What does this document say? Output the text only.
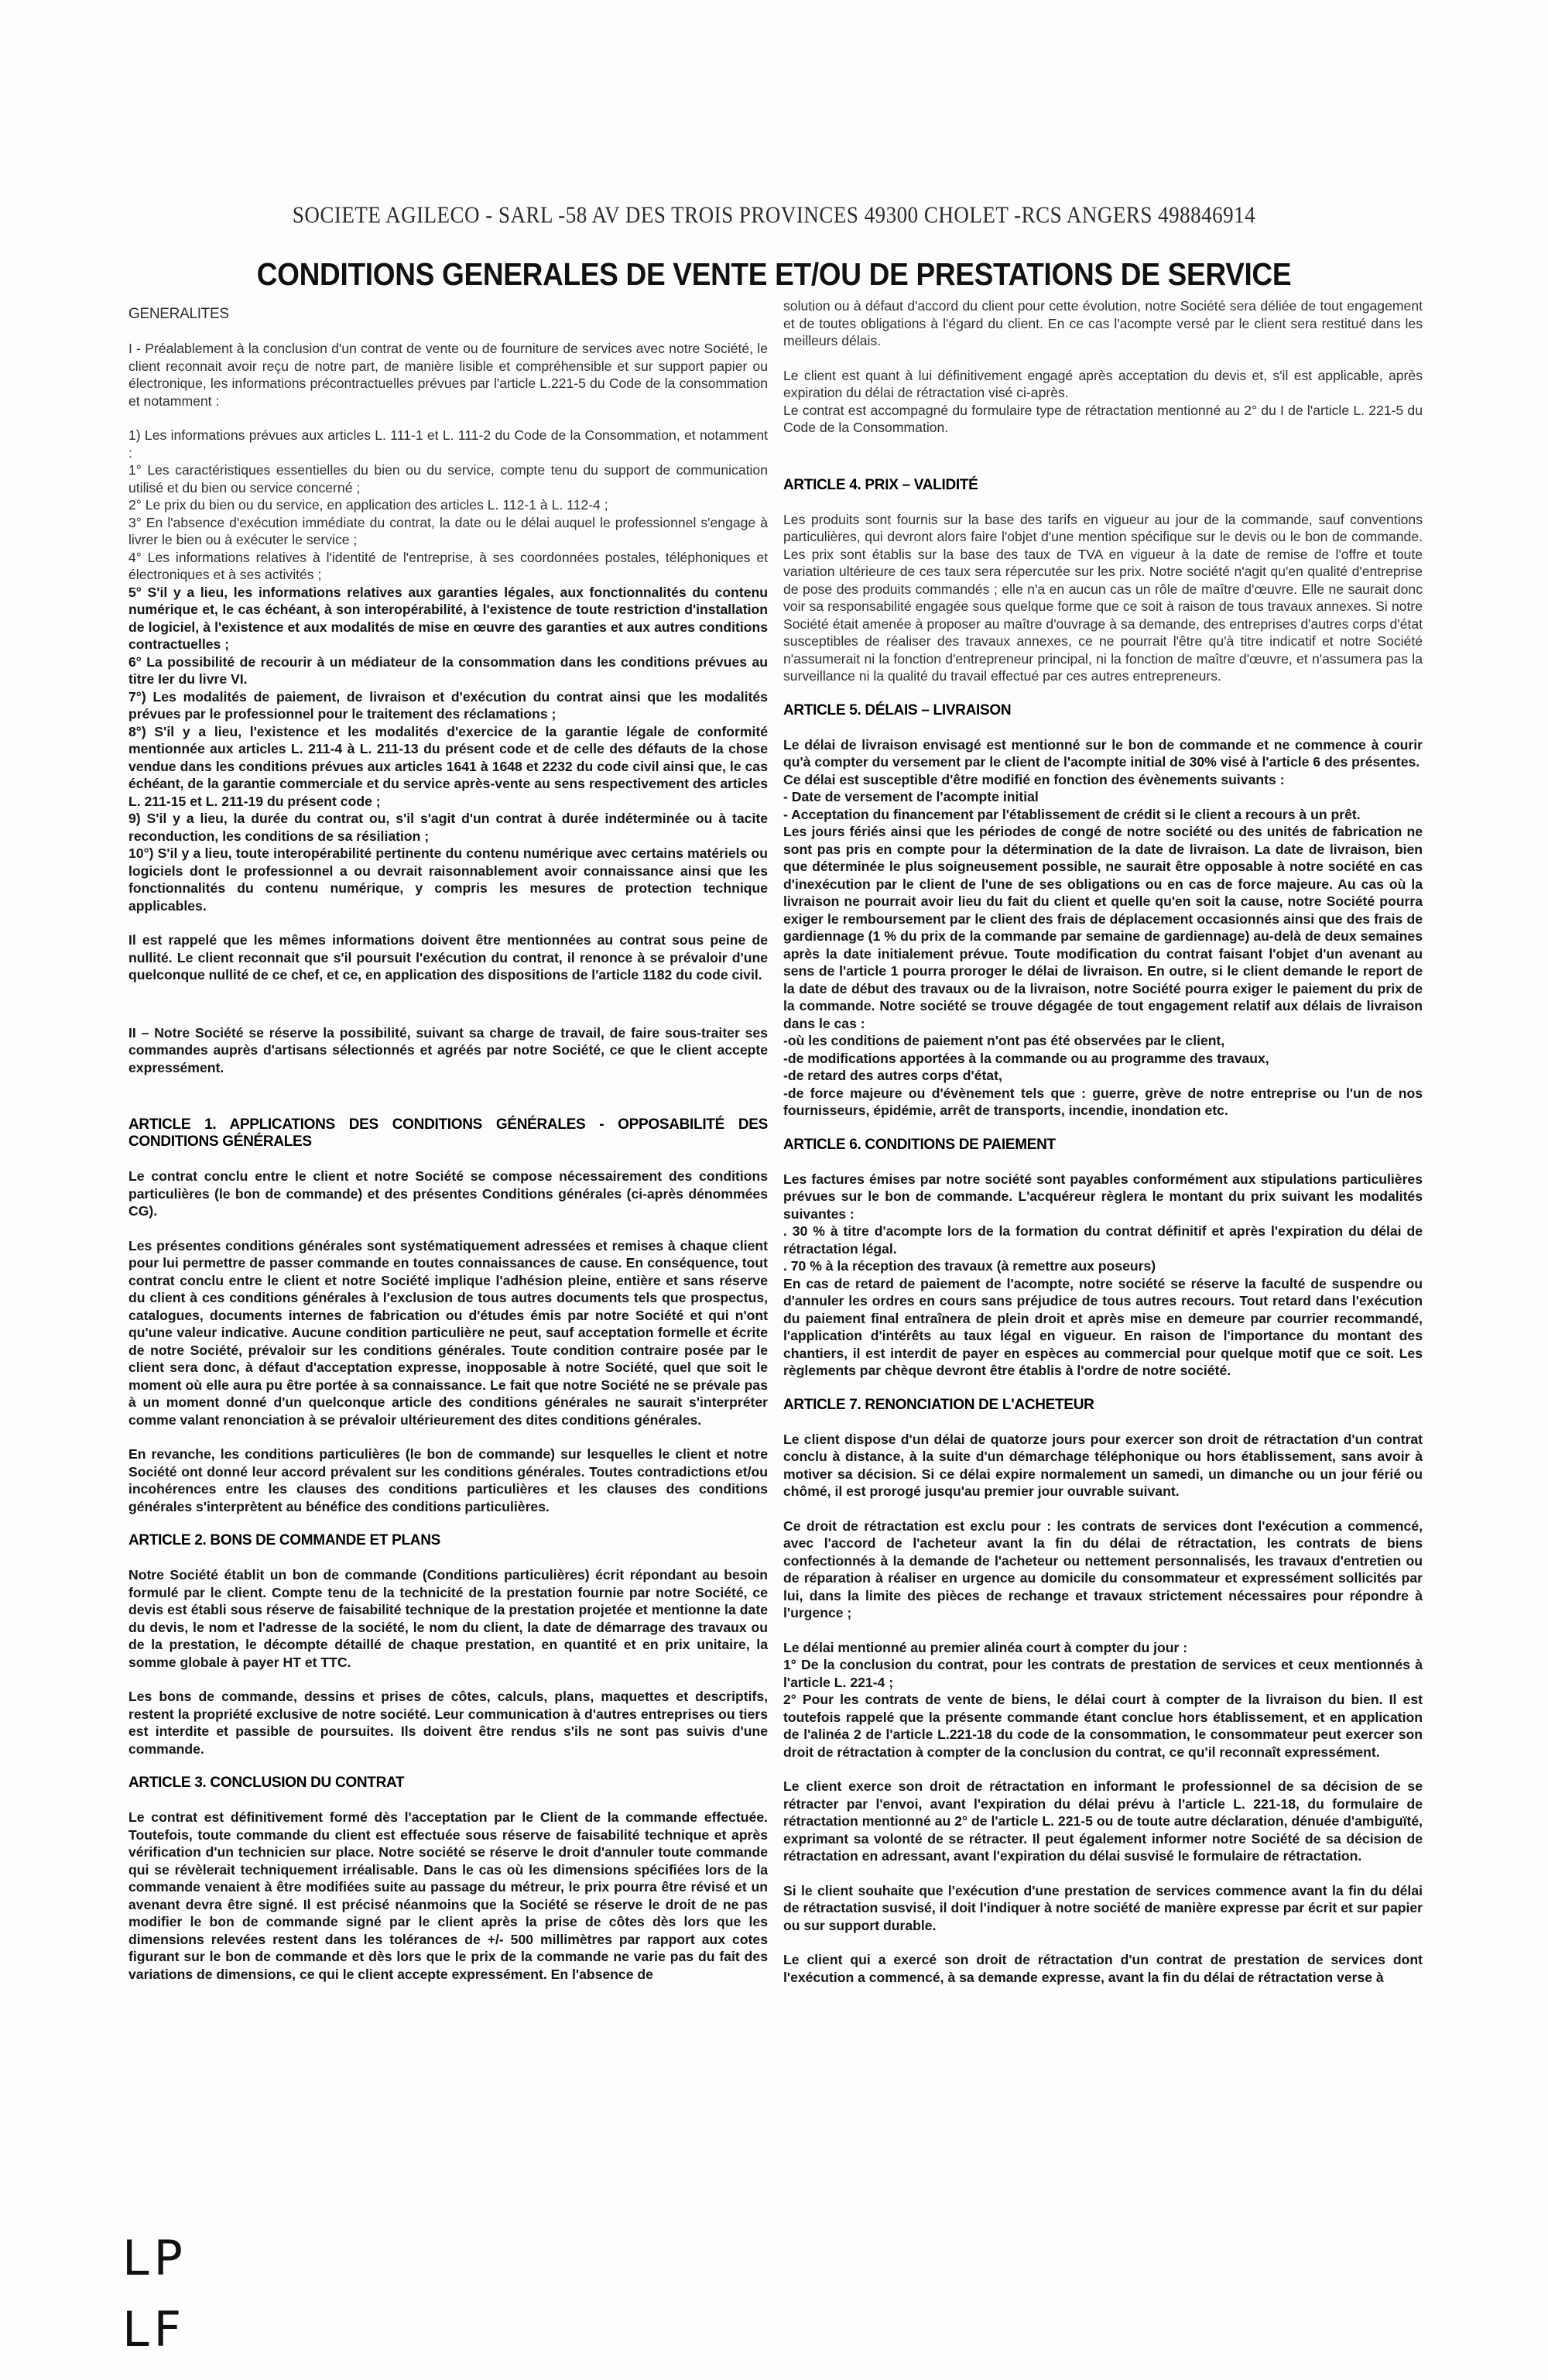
SOCIETE AGILECO - SARL -58 AV DES TROIS PROVINCES 49300 CHOLET -RCS ANGERS 498846914
CONDITIONS GENERALES DE VENTE ET/OU DE PRESTATIONS DE SERVICE

GENERALITES

I - Préalablement à la conclusion d'un contrat de vente ou de fourniture de services avec notre Société, le client reconnait avoir reçu de notre part, de manière lisible et compréhensible et sur support papier ou électronique, les informations précontractuelles prévues par l'article L.221-5 du Code de la consommation et notamment :

1) Les informations prévues aux articles L. 111-1 et L. 111-2 du Code de la Consommation, et notamment :

1° Les caractéristiques essentielles du bien ou du service, compte tenu du support de communication utilisé et du bien ou service concerné ;

2° Le prix du bien ou du service, en application des articles L. 112-1 à L. 112-4 ;

3° En l'absence d'exécution immédiate du contrat, la date ou le délai auquel le professionnel s'engage à livrer le bien ou à exécuter le service ;

4° Les informations relatives à l'identité de l'entreprise, à ses coordonnées postales, téléphoniques et électroniques et à ses activités ;

5° S'il y a lieu, les informations relatives aux garanties légales, aux fonctionnalités du contenu numérique et, le cas échéant, à son interopérabilité, à l'existence de toute restriction d'installation de logiciel, à l'existence et aux modalités de mise en œuvre des garanties et aux autres conditions contractuelles ;

6° La possibilité de recourir à un médiateur de la consommation dans les conditions prévues au titre Ier du livre VI.

7°) Les modalités de paiement, de livraison et d'exécution du contrat ainsi que les modalités prévues par le professionnel pour le traitement des réclamations ;

8°) S'il y a lieu, l'existence et les modalités d'exercice de la garantie légale de conformité mentionnée aux articles L. 211-4 à L. 211-13 du présent code et de celle des défauts de la chose vendue dans les conditions prévues aux articles 1641 à 1648 et 2232 du code civil ainsi que, le cas échéant, de la garantie commerciale et du service après-vente au sens respectivement des articles L. 211-15 et L. 211-19 du présent code ;

9) S'il y a lieu, la durée du contrat ou, s'il s'agit d'un contrat à durée indéterminée ou à tacite reconduction, les conditions de sa résiliation ;

10°) S'il y a lieu, toute interopérabilité pertinente du contenu numérique avec certains matériels ou logiciels dont le professionnel a ou devrait raisonnablement avoir connaissance ainsi que les fonctionnalités du contenu numérique, y compris les mesures de protection technique applicables.

Il est rappelé que les mêmes informations doivent être mentionnées au contrat sous peine de nullité. Le client reconnait que s'il poursuit l'exécution du contrat, il renonce à se prévaloir d'une quelconque nullité de ce chef, et ce, en application des dispositions de l'article 1182 du code civil.

II – Notre Société se réserve la possibilité, suivant sa charge de travail, de faire sous-traiter ses commandes auprès d'artisans sélectionnés et agréés par notre Société, ce que le client accepte expressément.

ARTICLE 1. APPLICATIONS DES CONDITIONS GÉNÉRALES - OPPOSABILITÉ DES CONDITIONS GÉNÉRALES

Le contrat conclu entre le client et notre Société se compose nécessairement des conditions particulières (le bon de commande) et des présentes Conditions générales (ci-après dénommées CG).

Les présentes conditions générales sont systématiquement adressées et remises à chaque client pour lui permettre de passer commande en toutes connaissances de cause. En conséquence, tout contrat conclu entre le client et notre Société implique l'adhésion pleine, entière et sans réserve du client à ces conditions générales à l'exclusion de tous autres documents tels que prospectus, catalogues, documents internes de fabrication ou d'études émis par notre Société et qui n'ont qu'une valeur indicative. Aucune condition particulière ne peut, sauf acceptation formelle et écrite de notre Société, prévaloir sur les conditions générales. Toute condition contraire posée par le client sera donc, à défaut d'acceptation expresse, inopposable à notre Société, quel que soit le moment où elle aura pu être portée à sa connaissance. Le fait que notre Société ne se prévale pas à un moment donné d'un quelconque article des conditions générales ne saurait s'interpréter comme valant renonciation à se prévaloir ultérieurement des dites conditions générales.

En revanche, les conditions particulières (le bon de commande) sur lesquelles le client et notre Société ont donné leur accord prévalent sur les conditions générales. Toutes contradictions et/ou incohérences entre les clauses des conditions particulières et les clauses des conditions générales s'interprètent au bénéfice des conditions particulières.

ARTICLE 2. BONS DE COMMANDE ET PLANS

Notre Société établit un bon de commande (Conditions particulières) écrit répondant au besoin formulé par le client. Compte tenu de la technicité de la prestation fournie par notre Société, ce devis est établi sous réserve de faisabilité technique de la prestation projetée et mentionne la date du devis, le nom et l'adresse de la société, le nom du client, la date de démarrage des travaux ou de la prestation, le décompte détaillé de chaque prestation, en quantité et en prix unitaire, la somme globale à payer HT et TTC.

Les bons de commande, dessins et prises de côtes, calculs, plans, maquettes et descriptifs, restent la propriété exclusive de notre société. Leur communication à d'autres entreprises ou tiers est interdite et passible de poursuites. Ils doivent être rendus s'ils ne sont pas suivis d'une commande.

ARTICLE 3. CONCLUSION DU CONTRAT

Le contrat est définitivement formé dès l'acceptation par le Client de la commande effectuée. Toutefois, toute commande du client est effectuée sous réserve de faisabilité technique et après vérification d'un technicien sur place. Notre société se réserve le droit d'annuler toute commande qui se révèlerait techniquement irréalisable. Dans le cas où les dimensions spécifiées lors de la commande venaient à être modifiées suite au passage du métreur, le prix pourra être révisé et un avenant devra être signé. Il est précisé néanmoins que la Société se réserve le droit de ne pas modifier le bon de commande signé par le client après la prise de côtes dès lors que les dimensions relevées restent dans les tolérances de +/- 500 millimètres par rapport aux cotes figurant sur le bon de commande et dès lors que le prix de la commande ne varie pas du fait des variations de dimensions, ce qui le client accepte expressément. En l'absence de

solution ou à défaut d'accord du client pour cette évolution, notre Société sera déliée de tout engagement et de toutes obligations à l'égard du client. En ce cas l'acompte versé par le client sera restitué dans les meilleurs délais.

Le client est quant à lui définitivement engagé après acceptation du devis et, s'il est applicable, après expiration du délai de rétractation visé ci-après.

Le contrat est accompagné du formulaire type de rétractation mentionné au 2° du I de l'article L. 221-5 du Code de la Consommation.

ARTICLE 4. PRIX – VALIDITÉ

Les produits sont fournis sur la base des tarifs en vigueur au jour de la commande, sauf conventions particulières, qui devront alors faire l'objet d'une mention spécifique sur le devis ou le bon de commande. Les prix sont établis sur la base des taux de TVA en vigueur à la date de remise de l'offre et toute variation ultérieure de ces taux sera répercutée sur les prix. Notre société n'agit qu'en qualité d'entreprise de pose des produits commandés ; elle n'a en aucun cas un rôle de maître d'œuvre. Elle ne saurait donc voir sa responsabilité engagée sous quelque forme que ce soit à raison de tous travaux annexes. Si notre Société était amenée à proposer au maître d'ouvrage à sa demande, des entreprises d'autres corps d'état susceptibles de réaliser des travaux annexes, ce ne pourrait l'être qu'à titre indicatif et notre Société n'assumerait ni la fonction d'entrepreneur principal, ni la fonction de maître d'œuvre, et n'assumera pas la surveillance ni la qualité du travail effectué par ces autres entrepreneurs.

ARTICLE 5. DÉLAIS – LIVRAISON

Le délai de livraison envisagé est mentionné sur le bon de commande et ne commence à courir qu'à compter du versement par le client de l'acompte initial de 30% visé à l'article 6 des présentes.

Ce délai est susceptible d'être modifié en fonction des évènements suivants :

- Date de versement de l'acompte initial

- Acceptation du financement par l'établissement de crédit si le client a recours à un prêt.

Les jours fériés ainsi que les périodes de congé de notre société ou des unités de fabrication ne sont pas pris en compte pour la détermination de la date de livraison. La date de livraison, bien que déterminée le plus soigneusement possible, ne saurait être opposable à notre société en cas d'inexécution par le client de l'une de ses obligations ou en cas de force majeure. Au cas où la livraison ne pourrait avoir lieu du fait du client et quelle qu'en soit la cause, notre Société pourra exiger le remboursement par le client des frais de déplacement occasionnés ainsi que des frais de gardiennage (1 % du prix de la commande par semaine de gardiennage) au-delà de deux semaines après la date initialement prévue. Toute modification du contrat faisant l'objet d'un avenant au sens de l'article 1 pourra proroger le délai de livraison. En outre, si le client demande le report de la date de début des travaux ou de la livraison, notre Société pourra exiger le paiement du prix de la commande. Notre société se trouve dégagée de tout engagement relatif aux délais de livraison dans le cas :

-où les conditions de paiement n'ont pas été observées par le client,

-de modifications apportées à la commande ou au programme des travaux,

-de retard des autres corps d'état,

-de force majeure ou d'évènement tels que : guerre, grève de notre entreprise ou l'un de nos fournisseurs, épidémie, arrêt de transports, incendie, inondation etc.

ARTICLE 6. CONDITIONS DE PAIEMENT

Les factures émises par notre société sont payables conformément aux stipulations particulières prévues sur le bon de commande. L'acquéreur règlera le montant du prix suivant les modalités suivantes :

. 30 % à titre d'acompte lors de la formation du contrat définitif et après l'expiration du délai de rétractation légal.

. 70 % à la réception des travaux (à remettre aux poseurs)

En cas de retard de paiement de l'acompte, notre société se réserve la faculté de suspendre ou d'annuler les ordres en cours sans préjudice de tous autres recours. Tout retard dans l'exécution du paiement final entraînera de plein droit et après mise en demeure par courrier recommandé, l'application d'intérêts au taux légal en vigueur. En raison de l'importance du montant des chantiers, il est interdit de payer en espèces au commercial pour quelque motif que ce soit. Les règlements par chèque devront être établis à l'ordre de notre société.

ARTICLE 7. RENONCIATION DE L'ACHETEUR

Le client dispose d'un délai de quatorze jours pour exercer son droit de rétractation d'un contrat conclu à distance, à la suite d'un démarchage téléphonique ou hors établissement, sans avoir à motiver sa décision. Si ce délai expire normalement un samedi, un dimanche ou un jour férié ou chômé, il est prorogé jusqu'au premier jour ouvrable suivant.

Ce droit de rétractation est exclu pour : les contrats de services dont l'exécution a commencé, avec l'accord de l'acheteur avant la fin du délai de rétractation, les contrats de biens confectionnés à la demande de l'acheteur ou nettement personnalisés, les travaux d'entretien ou de réparation à réaliser en urgence au domicile du consommateur et expressément sollicités par lui, dans la limite des pièces de rechange et travaux strictement nécessaires pour répondre à l'urgence ;

Le délai mentionné au premier alinéa court à compter du jour :

1° De la conclusion du contrat, pour les contrats de prestation de services et ceux mentionnés à l'article L. 221-4 ;

2° Pour les contrats de vente de biens, le délai court à compter de la livraison du bien. Il est toutefois rappelé que la présente commande étant conclue hors établissement, et en application de l'alinéa 2 de l'article L.221-18 du code de la consommation, le consommateur peut exercer son droit de rétractation à compter de la conclusion du contrat, ce qu'il reconnaît expressément.

Le client exerce son droit de rétractation en informant le professionnel de sa décision de se rétracter par l'envoi, avant l'expiration du délai prévu à l'article L. 221-18, du formulaire de rétractation mentionné au 2° de l'article L. 221-5 ou de toute autre déclaration, dénuée d'ambiguïté, exprimant sa volonté de se rétracter. Il peut également informer notre Société de sa décision de rétractation en adressant, avant l'expiration du délai susvisé le formulaire de rétractation.

Si le client souhaite que l'exécution d'une prestation de services commence avant la fin du délai de rétractation susvisé, il doit l'indiquer à notre société de manière expresse par écrit et sur papier ou sur support durable.

Le client qui a exercé son droit de rétractation d'un contrat de prestation de services dont l'exécution a commencé, à sa demande expresse, avant la fin du délai de rétractation verse à

LP
LF
